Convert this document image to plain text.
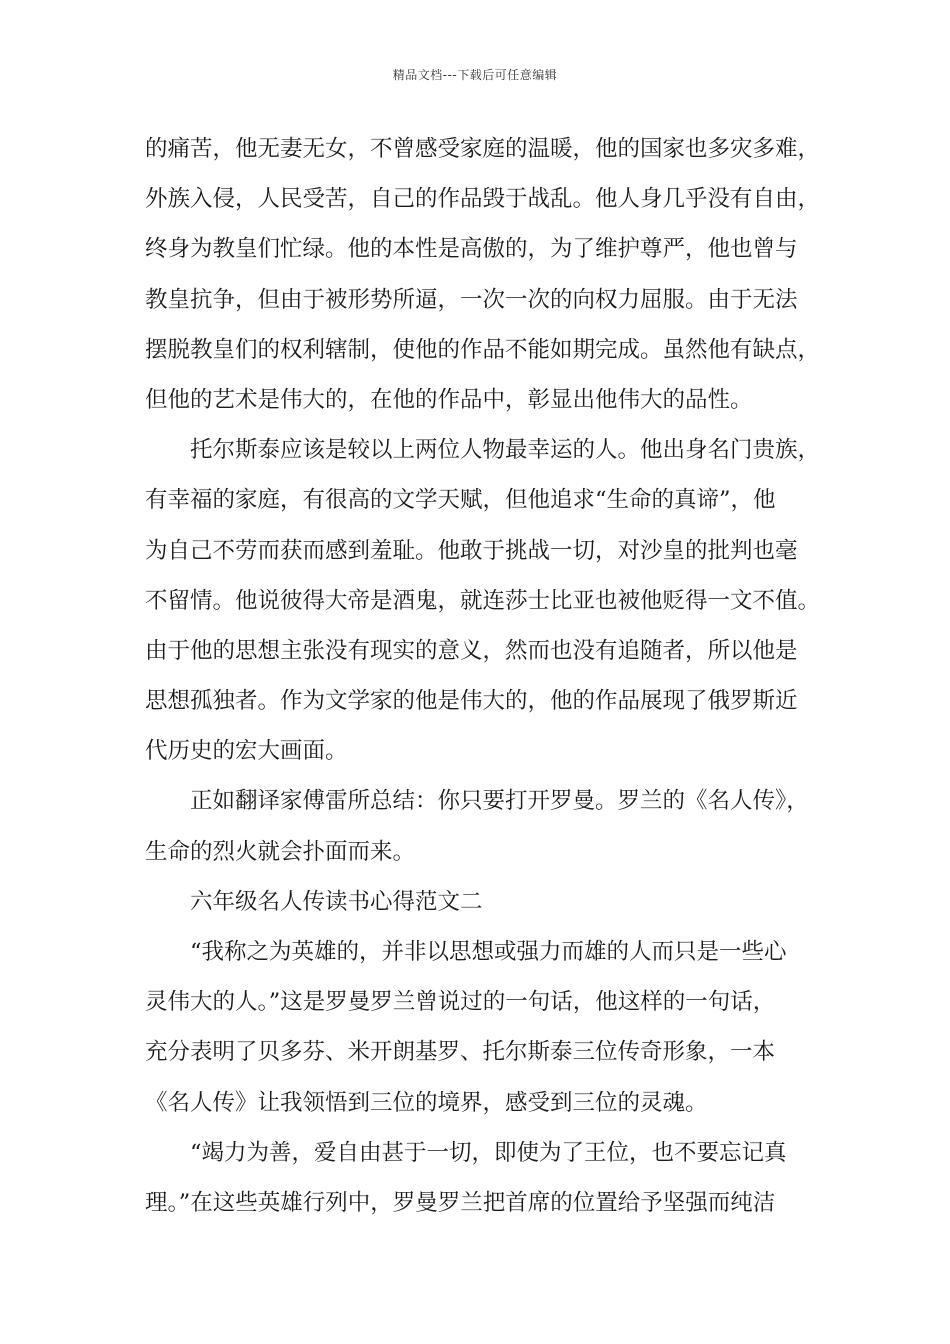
精品文档---下载后可任意编辑
的痛苦，他无妻无女，不曾感受家庭的温暖，他的国家也多灾多难，
外族入侵，人民受苦，自己的作品毁于战乱。他人身几乎没有自由，
终身为教皇们忙绿。他的本性是高傲的，为了维护尊严，他也曾与
教皇抗争，但由于被形势所逼，一次一次的向权力屈服。由于无法
摆脱教皇们的权利辖制，使他的作品不能如期完成。虽然他有缺点，
但他的艺术是伟大的，在他的作品中，彰显出他伟大的品性。
托尔斯泰应该是较以上两位人物最幸运的人。他出身名门贵族，
有幸福的家庭，有很高的文学天赋，但他追求“生命的真谛”，他
为自己不劳而获而感到羞耻。他敢于挑战一切，对沙皇的批判也毫
不留情。他说彼得大帝是酒鬼，就连莎士比亚也被他贬得一文不值。
由于他的思想主张没有现实的意义，然而也没有追随者，所以他是
思想孤独者。作为文学家的他是伟大的，他的作品展现了俄罗斯近
代历史的宏大画面。
正如翻译家傅雷所总结：你只要打开罗曼。罗兰的《名人传》，
生命的烈火就会扑面而来。
六年级名人传读书心得范文二
“我称之为英雄的，并非以思想或强力而雄的人而只是一些心
灵伟大的人。”这是罗曼罗兰曾说过的一句话，他这样的一句话，
充分表明了贝多芬、米开朗基罗、托尔斯泰三位传奇形象，一本
《名人传》让我领悟到三位的境界，感受到三位的灵魂。
“竭力为善，爱自由甚于一切，即使为了王位，也不要忘记真
理。”在这些英雄行列中，罗曼罗兰把首席的位置给予坚强而纯洁
